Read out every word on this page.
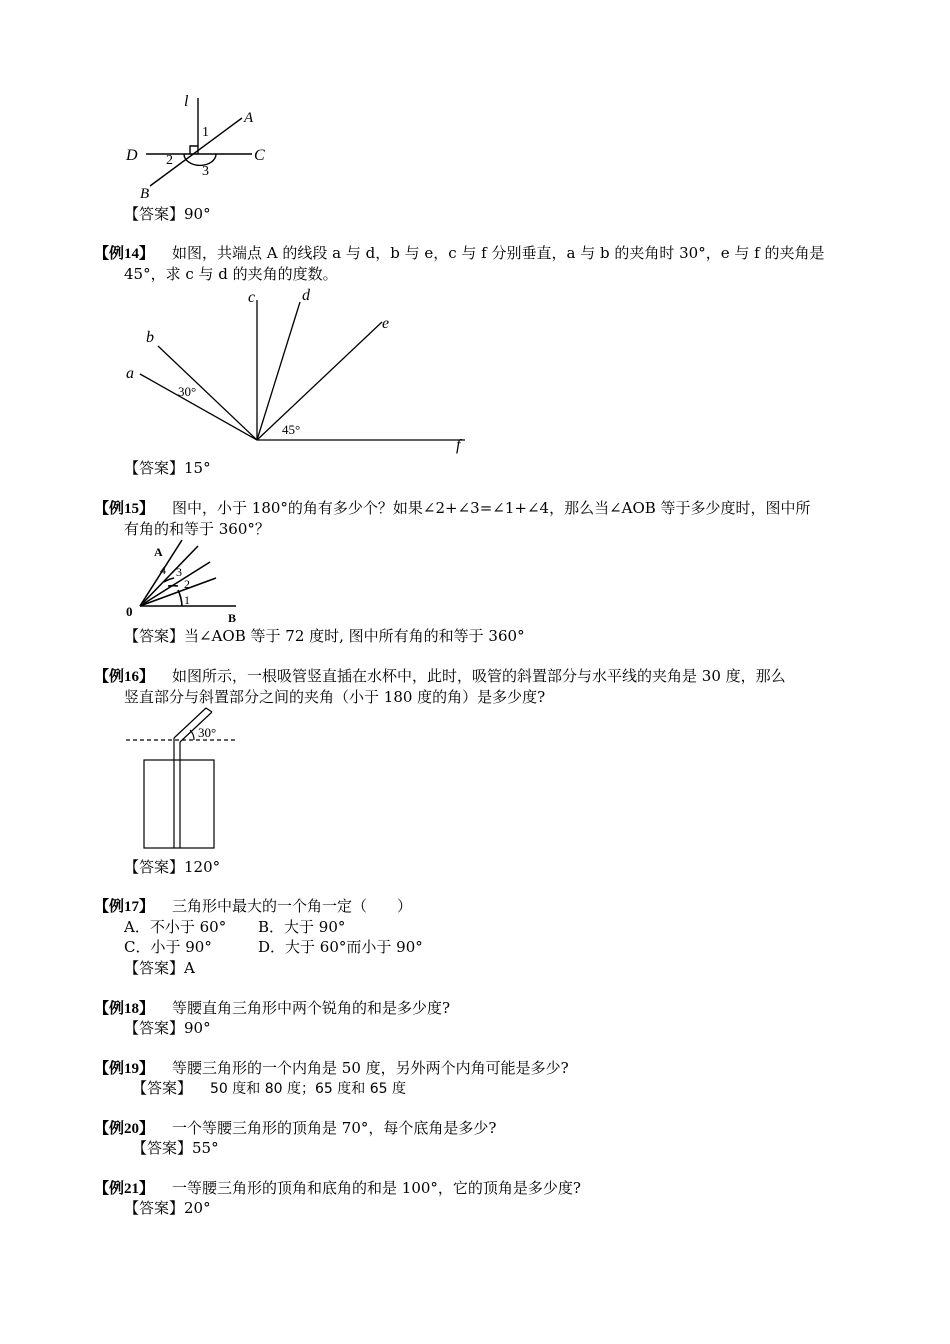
l
A
D	C
B
1
2
3
【答案】90°
【例14】 如图，共端点 A 的线段 a 与 d，b 与 e，c 与 f 分别垂直，a 与 b 的夹角时 30°，e 与 f 的夹角是
45°，求 c 与 d 的夹角的度数。
c	d
e
b
a
f
30°
45°
【答案】15°
【例15】 图中，小于 180°的角有多少个？如果∠2+∠3=∠1+∠4，那么当∠AOB 等于多少度时，图中所
有角的和等于 360°？
A
0	B
1
2
3
4
【答案】当∠AOB 等于 72 度时, 图中所有角的和等于 360°
【例16】 如图所示，一根吸管竖直插在水杯中，此时，吸管的斜置部分与水平线的夹角是 30 度，那么
竖直部分与斜置部分之间的夹角（小于 180 度的角）是多少度?
30°
【答案】120°
【例17】 三角形中最大的一个角一定（　　）
A．不小于 60° B．大于 90°
C．小于 90°	D．大于 60°而小于 90°
【答案】A
【例18】 等腰直角三角形中两个锐角的和是多少度?
【答案】90°
【例19】 等腰三角形的一个内角是 50 度，另外两个内角可能是多少?
【答案】 50 度和 80 度；65 度和 65 度
【例20】 一个等腰三角形的顶角是 70°，每个底角是多少?
【答案】55°
【例21】 一等腰三角形的顶角和底角的和是 100°，它的顶角是多少度?
【答案】20°
